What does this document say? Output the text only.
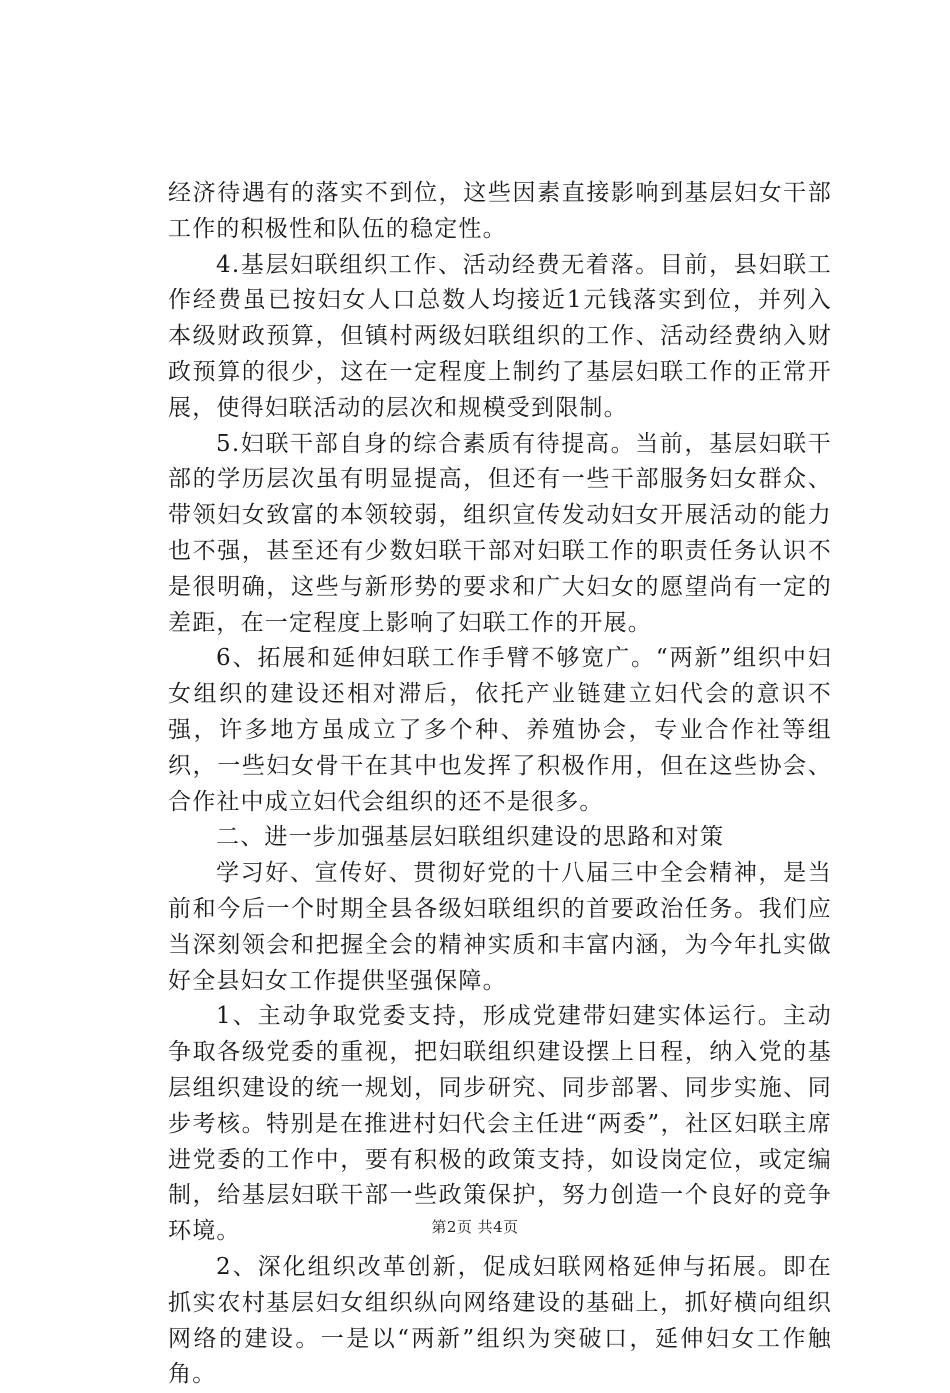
经济待遇有的落实不到位，这些因素直接影响到基层妇女干部工作的积极性和队伍的稳定性。

4.基层妇联组织工作、活动经费无着落。目前，县妇联工作经费虽已按妇女人口总数人均接近1元钱落实到位，并列入本级财政预算，但镇村两级妇联组织的工作、活动经费纳入财政预算的很少，这在一定程度上制约了基层妇联工作的正常开展，使得妇联活动的层次和规模受到限制。

5.妇联干部自身的综合素质有待提高。当前，基层妇联干部的学历层次虽有明显提高，但还有一些干部服务妇女群众、带领妇女致富的本领较弱，组织宣传发动妇女开展活动的能力也不强，甚至还有少数妇联干部对妇联工作的职责任务认识不是很明确，这些与新形势的要求和广大妇女的愿望尚有一定的差距，在一定程度上影响了妇联工作的开展。

6、拓展和延伸妇联工作手臂不够宽广。“两新”组织中妇女组织的建设还相对滞后，依托产业链建立妇代会的意识不强，许多地方虽成立了多个种、养殖协会，专业合作社等组织，一些妇女骨干在其中也发挥了积极作用，但在这些协会、合作社中成立妇代会组织的还不是很多。

二、进一步加强基层妇联组织建设的思路和对策

学习好、宣传好、贯彻好党的十八届三中全会精神，是当前和今后一个时期全县各级妇联组织的首要政治任务。我们应当深刻领会和把握全会的精神实质和丰富内涵，为今年扎实做好全县妇女工作提供坚强保障。

1、主动争取党委支持，形成党建带妇建实体运行。主动争取各级党委的重视，把妇联组织建设摆上日程，纳入党的基层组织建设的统一规划，同步研究、同步部署、同步实施、同步考核。特别是在推进村妇代会主任进“两委”，社区妇联主席进党委的工作中，要有积极的政策支持，如设岗定位，或定编制，给基层妇联干部一些政策保护，努力创造一个良好的竞争环境。

2、深化组织改革创新，促成妇联网格延伸与拓展。即在抓实农村基层妇女组织纵向网络建设的基础上，抓好横向组织网络的建设。一是以“两新”组织为突破口，延伸妇女工作触角。

第2页 共4页
